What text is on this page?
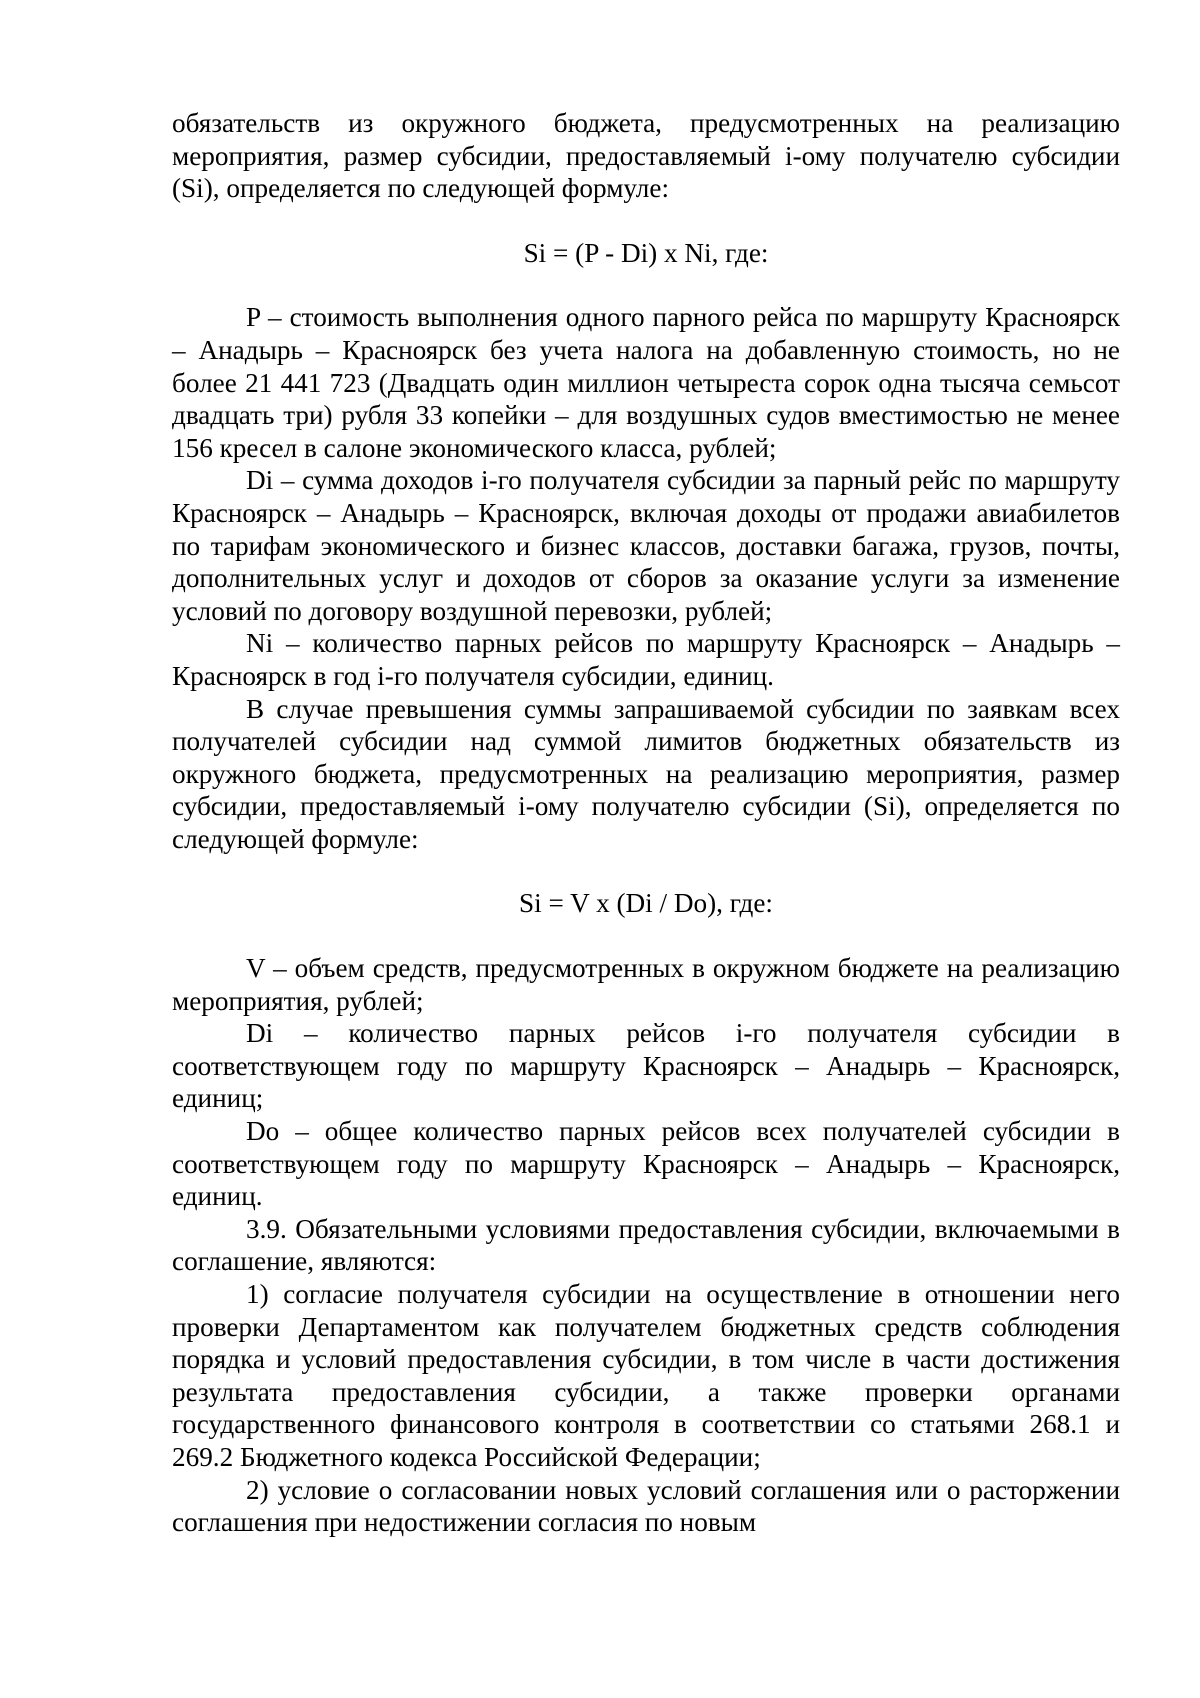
обязательств из окружного бюджета, предусмотренных на реализацию мероприятия, размер субсидии, предоставляемый i-ому получателю субсидии (Si), определяется по следующей формуле:

Si = (P - Di) x Ni, где:

P – стоимость выполнения одного парного рейса по маршруту Красноярск – Анадырь – Красноярск без учета налога на добавленную стоимость, но не более 21 441 723 (Двадцать один миллион четыреста сорок одна тысяча семьсот двадцать три) рубля 33 копейки – для воздушных судов вместимостью не менее 156 кресел в салоне экономического класса, рублей;

Di – сумма доходов i-го получателя субсидии за парный рейс по маршруту Красноярск – Анадырь – Красноярск, включая доходы от продажи авиабилетов по тарифам экономического и бизнес классов, доставки багажа, грузов, почты, дополнительных услуг и доходов от сборов за оказание услуги за изменение условий по договору воздушной перевозки, рублей;

Ni – количество парных рейсов по маршруту Красноярск – Анадырь – Красноярск в год i-го получателя субсидии, единиц.

В случае превышения суммы запрашиваемой субсидии по заявкам всех получателей субсидии над суммой лимитов бюджетных обязательств из окружного бюджета, предусмотренных на реализацию мероприятия, размер субсидии, предоставляемый i-ому получателю субсидии (Si), определяется по следующей формуле:

Si = V x (Di / Do), где:

V – объем средств, предусмотренных в окружном бюджете на реализацию мероприятия, рублей;

Di – количество парных рейсов i-го получателя субсидии в соответствующем году по маршруту Красноярск – Анадырь – Красноярск, единиц;

Do – общее количество парных рейсов всех получателей субсидии в соответствующем году по маршруту Красноярск – Анадырь – Красноярск, единиц.

3.9. Обязательными условиями предоставления субсидии, включаемыми в соглашение, являются:

1) согласие получателя субсидии на осуществление в отношении него проверки Департаментом как получателем бюджетных средств соблюдения порядка и условий предоставления субсидии, в том числе в части достижения результата предоставления субсидии, а также проверки органами государственного финансового контроля в соответствии со статьями 268.1 и 269.2 Бюджетного кодекса Российской Федерации;

2) условие о согласовании новых условий соглашения или о расторжении соглашения при недостижении согласия по новым
